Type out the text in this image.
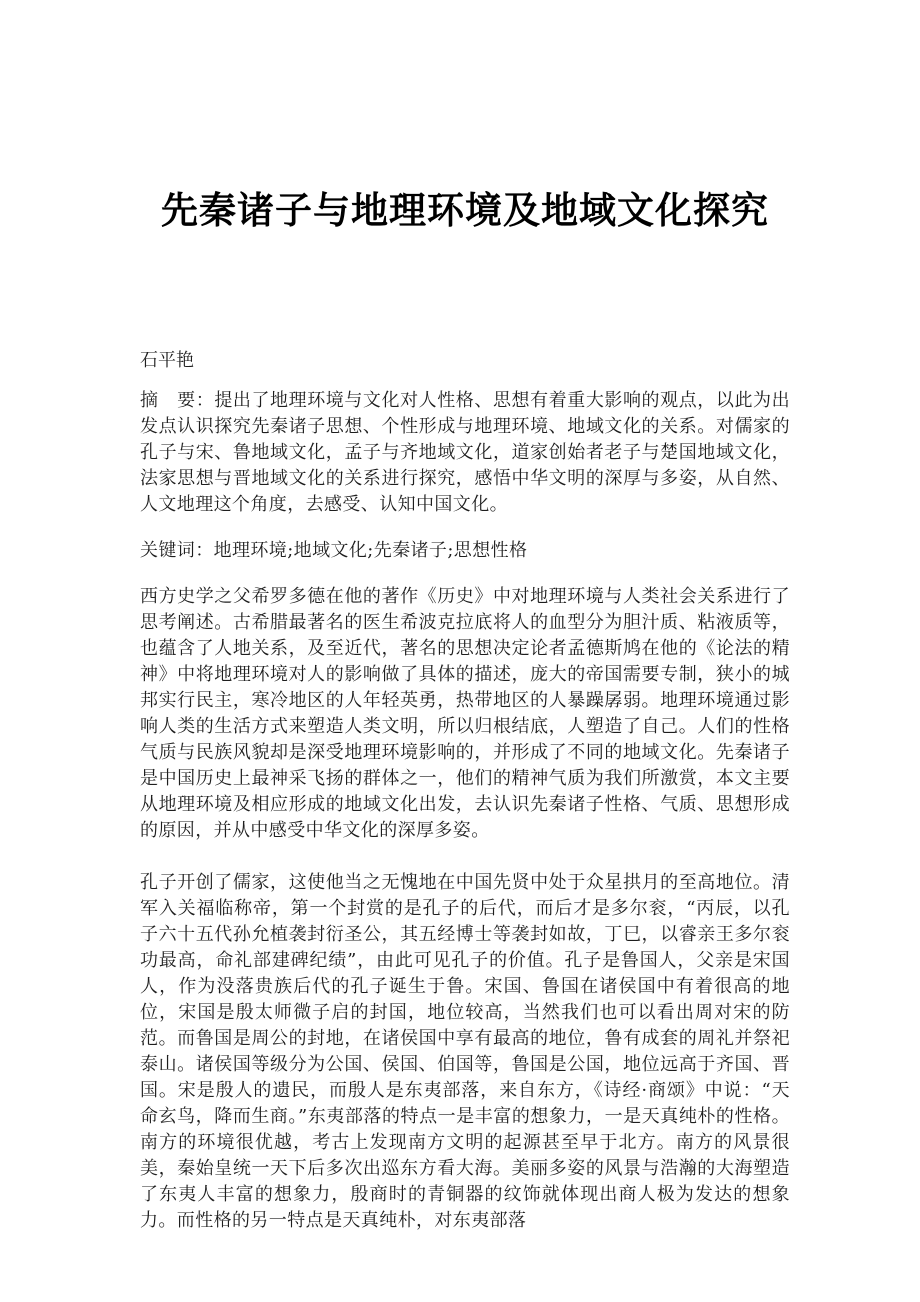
先秦诸子与地理环境及地域文化探究

石平艳

摘　要：提出了地理环境与文化对人性格、思想有着重大影响的观点，以此为出发点认识探究先秦诸子思想、个性形成与地理环境、地域文化的关系。对儒家的孔子与宋、鲁地域文化，孟子与齐地域文化，道家创始者老子与楚国地域文化，法家思想与晋地域文化的关系进行探究，感悟中华文明的深厚与多姿，从自然、人文地理这个角度，去感受、认知中国文化。

关键词：地理环境;地域文化;先秦诸子;思想性格

西方史学之父希罗多德在他的著作《历史》中对地理环境与人类社会关系进行了思考阐述。古希腊最著名的医生希波克拉底将人的血型分为胆汁质、粘液质等，也蕴含了人地关系，及至近代，著名的思想决定论者孟德斯鸠在他的《论法的精神》中将地理环境对人的影响做了具体的描述，庞大的帝国需要专制，狭小的城邦实行民主，寒冷地区的人年轻英勇，热带地区的人暴躁孱弱。地理环境通过影响人类的生活方式来塑造人类文明，所以归根结底，人塑造了自己。人们的性格气质与民族风貌却是深受地理环境影响的，并形成了不同的地域文化。先秦诸子是中国历史上最神采飞扬的群体之一，他们的精神气质为我们所激赏，本文主要从地理环境及相应形成的地域文化出发，去认识先秦诸子性格、气质、思想形成的原因，并从中感受中华文化的深厚多姿。

孔子开创了儒家，这使他当之无愧地在中国先贤中处于众星拱月的至高地位。清军入关福临称帝，第一个封赏的是孔子的后代，而后才是多尔衮，“丙辰，以孔子六十五代孙允植袭封衍圣公，其五经博士等袭封如故，丁巳，以睿亲王多尔衮功最高，命礼部建碑纪绩”，由此可见孔子的价值。孔子是鲁国人，父亲是宋国人，作为没落贵族后代的孔子诞生于鲁。宋国、鲁国在诸侯国中有着很高的地位，宋国是殷太师微子启的封国，地位较高，当然我们也可以看出周对宋的防范。而鲁国是周公的封地，在诸侯国中享有最高的地位，鲁有成套的周礼并祭祀泰山。诸侯国等级分为公国、侯国、伯国等，鲁国是公国，地位远高于齐国、晋国。宋是殷人的遗民，而殷人是东夷部落，来自东方，《诗经·商颂》中说：“天命玄鸟，降而生商。”东夷部落的特点一是丰富的想象力，一是天真纯朴的性格。南方的环境很优越，考古上发现南方文明的起源甚至早于北方。南方的风景很美，秦始皇统一天下后多次出巡东方看大海。美丽多姿的风景与浩瀚的大海塑造了东夷人丰富的想象力，殷商时的青铜器的纹饰就体现出商人极为发达的想象力。而性格的另一特点是天真纯朴，对东夷部落
